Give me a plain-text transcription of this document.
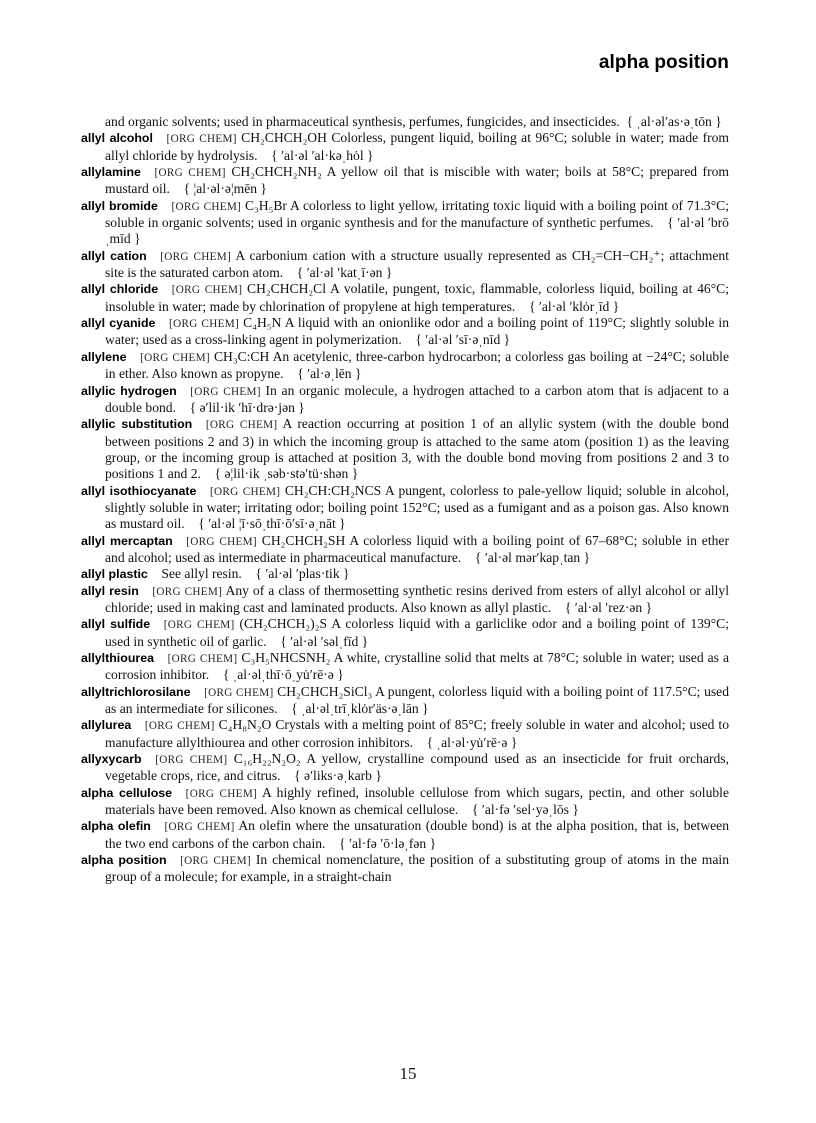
alpha position

and organic solvents; used in pharmaceutical synthesis, perfumes, fungicides, and insecticides. { ˌal·əl′as·əˌtōn }

allyl alcohol  [ORG CHEM] CH₂CHCH₂OH Colorless, pungent liquid, boiling at 96°C; soluble in water; made from allyl chloride by hydrolysis.   { ′al·əl ′al·kəˌhȯl }

allylamine  [ORG CHEM] CH₂CHCH₂NH₂ A yellow oil that is miscible with water; boils at 58°C; prepared from mustard oil.   { ¦al·əl·ə¦mēn }

allyl bromide  [ORG CHEM] C₃H₅Br A colorless to light yellow, irritating toxic liquid with a boiling point of 71.3°C; soluble in organic solvents; used in organic synthesis and for the manufacture of synthetic perfumes.   { ′al·əl ′brōˌmīd }

allyl cation  [ORG CHEM] A carbonium cation with a structure usually represented as CH₂=CH−CH₂⁺; attachment site is the saturated carbon atom.   { ′al·əl ′katˌī·ən }

allyl chloride  [ORG CHEM] CH₂CHCH₂Cl A volatile, pungent, toxic, flammable, colorless liquid, boiling at 46°C; insoluble in water; made by chlorination of propylene at high temperatures.   { ′al·əl ′klȯrˌīd }

allyl cyanide  [ORG CHEM] C₄H₅N A liquid with an onionlike odor and a boiling point of 119°C; slightly soluble in water; used as a cross-linking agent in polymerization.   { ′al·əl ′sī·əˌnīd }

allylene  [ORG CHEM] CH₃C:CH An acetylenic, three-carbon hydrocarbon; a colorless gas boiling at −24°C; soluble in ether. Also known as propyne.   { ′al·əˌlēn }

allylic hydrogen  [ORG CHEM] In an organic molecule, a hydrogen attached to a carbon atom that is adjacent to a double bond.   { ə′lil·ik ′hī·drə·jən }

allylic substitution  [ORG CHEM] A reaction occurring at position 1 of an allylic system (with the double bond between positions 2 and 3) in which the incoming group is attached to the same atom (position 1) as the leaving group, or the incoming group is attached at position 3, with the double bond moving from positions 2 and 3 to positions 1 and 2.   { ə¦lil·ik ˌsəb·stə′tü·shən }

allyl isothiocyanate  [ORG CHEM] CH₂CH:CH₂NCS A pungent, colorless to pale-yellow liquid; soluble in alcohol, slightly soluble in water; irritating odor; boiling point 152°C; used as a fumigant and as a poison gas. Also known as mustard oil.   { ′al·əl ¦ī·sōˌthī·ō′sī·əˌnāt }

allyl mercaptan  [ORG CHEM] CH₂CHCH₂SH A colorless liquid with a boiling point of 67–68°C; soluble in ether and alcohol; used as intermediate in pharmaceutical manufacture.   { ′al·əl mər′kapˌtan }

allyl plastic  See allyl resin.   { ′al·əl ′plas·tik }

allyl resin  [ORG CHEM] Any of a class of thermosetting synthetic resins derived from esters of allyl alcohol or allyl chloride; used in making cast and laminated products. Also known as allyl plastic.   { ′al·əl ′rez·ən }

allyl sulfide  [ORG CHEM] (CH₂CHCH₂)₂S A colorless liquid with a garliclike odor and a boiling point of 139°C; used in synthetic oil of garlic.   { ′al·əl ′səlˌfīd }

allylthiourea  [ORG CHEM] C₃H₅NHCSNH₂ A white, crystalline solid that melts at 78°C; soluble in water; used as a corrosion inhibitor.   { ˌal·əlˌthī·ōˌyu̇′rē·ə }

allyltrichlorosilane  [ORG CHEM] CH₂CHCH₂SiCl₃ A pungent, colorless liquid with a boiling point of 117.5°C; used as an intermediate for silicones.   { ˌal·əlˌtrīˌklȯr′äs·əˌlān }

allylurea  [ORG CHEM] C₄H₈N₂O Crystals with a melting point of 85°C; freely soluble in water and alcohol; used to manufacture allylthiourea and other corrosion inhibitors.   { ˌal·əl·yu̇′rē·ə }

allyxycarb  [ORG CHEM] C₁₆H₂₂N₂O₂ A yellow, crystalline compound used as an insecticide for fruit orchards, vegetable crops, rice, and citrus.   { ə′liks·əˌkarb }

alpha cellulose  [ORG CHEM] A highly refined, insoluble cellulose from which sugars, pectin, and other soluble materials have been removed. Also known as chemical cellulose.   { ′al·fə ′sel·yəˌlōs }

alpha olefin  [ORG CHEM] An olefin where the unsaturation (double bond) is at the alpha position, that is, between the two end carbons of the carbon chain.   { ′al·fə ′ō·ləˌfən }

alpha position  [ORG CHEM] In chemical nomenclature, the position of a substituting group of atoms in the main group of a molecule; for example, in a straight-chain

15
